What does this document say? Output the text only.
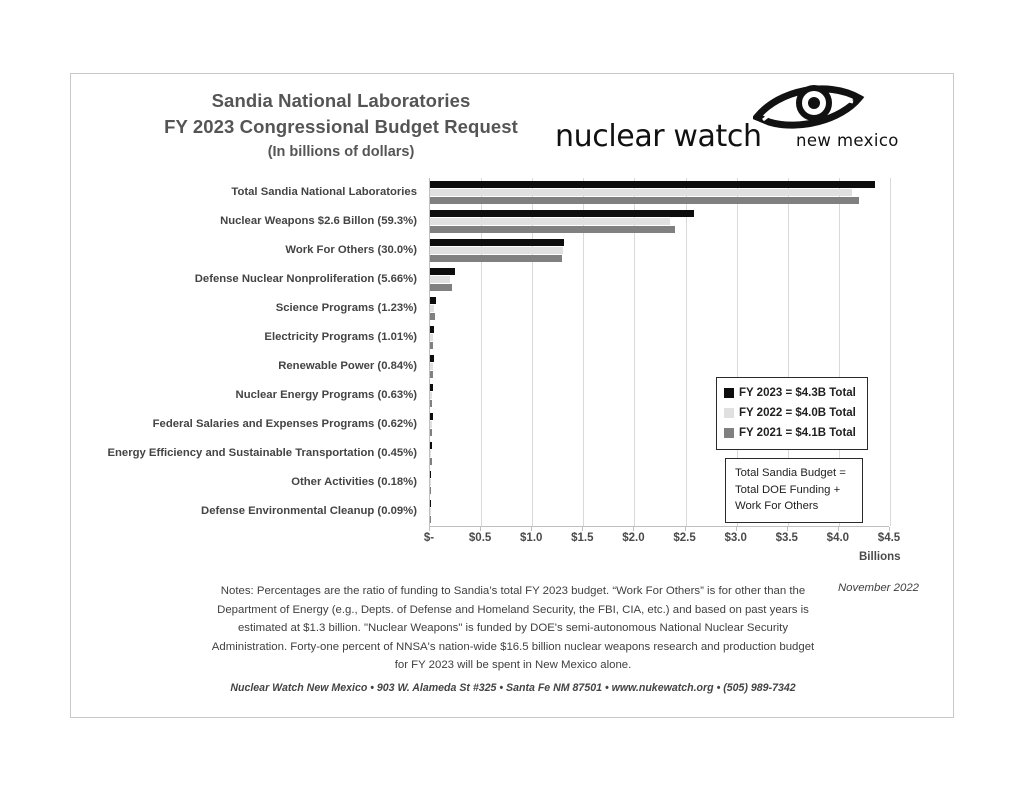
Sandia National Laboratories
FY 2023 Congressional Budget Request
(In billions of dollars)	nuclear watch new mexico
Total Sandia National Laboratories
Nuclear Weapons $2.6 Billon (59.3%)
Work For Others (30.0%)
Defense Nuclear Nonproliferation (5.66%)
Science Programs (1.23%)
Electricity Programs (1.01%)
Renewable Power (0.84%)
Nuclear Energy Programs (0.63%)
Federal Salaries and Expenses Programs (0.62%)
Energy Efficiency and Sustainable Transportation (0.45%)
Other Activities (0.18%)
Defense Environmental Cleanup (0.09%)
Billions
$-	$0.5 $1.0 $1.5 $2.0 $2.5 $3.0 $3.5 $4.0 $4.5
FY 2023 = $4.3B Total
FY 2022 = $4.0B Total
FY 2021 = $4.1B Total
Total Sandia Budget =
Total DOE Funding +
Work For Others
Notes: Percentages are the ratio of funding to Sandia’s total FY 2023 budget. “Work For Others” is for other than the
Department of Energy (e.g., Depts. of Defense and Homeland Security, the FBI, CIA, etc.) and based on past years is
estimated at $1.3 billion. "Nuclear Weapons" is funded by DOE's semi-autonomous National Nuclear Security
Administration. Forty-one percent of NNSA's nation-wide $16.5 billion nuclear weapons research and production budget
for FY 2023 will be spent in New Mexico alone.
November 2022
Nuclear Watch New Mexico • 903 W. Alameda St #325 • Santa Fe NM 87501 • www.nukewatch.org • (505) 989-7342
